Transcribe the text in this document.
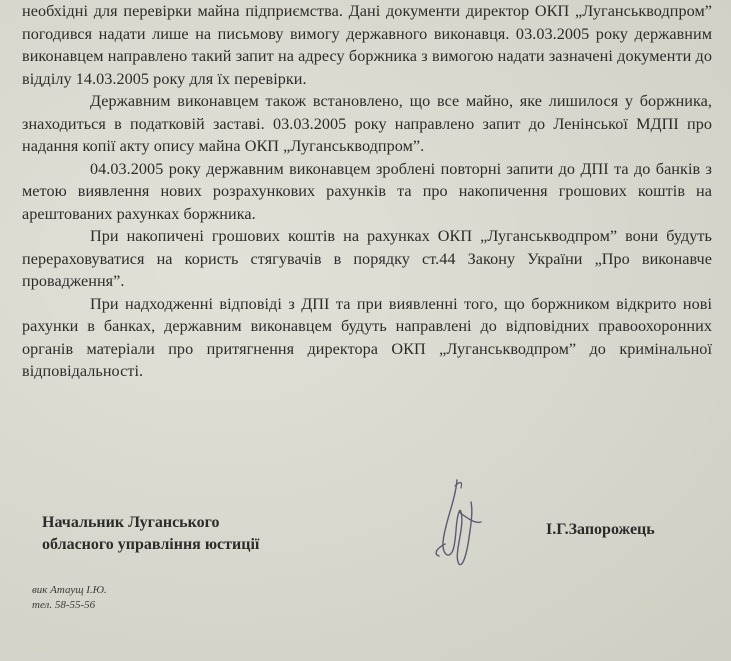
необхідні для перевірки майна підприємства. Дані документи директор ОКП „Луганськводпром” погодився надати лише на письмову вимогу державного виконавця. 03.03.2005 року державним виконавцем направлено такий запит на адресу боржника з вимогою надати зазначені документи до відділу 14.03.2005 року для їх перевірки.

Державним виконавцем також встановлено, що все майно, яке лишилося у боржника, знаходиться в податковій заставі. 03.03.2005 року направлено запит до Ленінської МДПІ про надання копії акту опису майна ОКП „Луганськводпром”.

04.03.2005 року державним виконавцем зроблені повторні запити до ДПІ та до банків з метою виявлення нових розрахункових рахунків та про накопичення грошових коштів на арештованих рахунках боржника.

При накопичені грошових коштів на рахунках ОКП „Луганськводпром” вони будуть перераховуватися на користь стягувачів в порядку ст.44 Закону України „Про виконавче провадження”.

При надходженні відповіді з ДПІ та при виявленні того, що боржником відкрито нові рахунки в банках, державним виконавцем будуть направлені до відповідних правоохоронних органів матеріали про притягнення директора ОКП „Луганськводпром” до кримінальної відповідальності.

Начальник Луганського
обласного управління юстиції
І.Г.Запорожець
вик Атаущ І.Ю.
тел. 58-55-56
